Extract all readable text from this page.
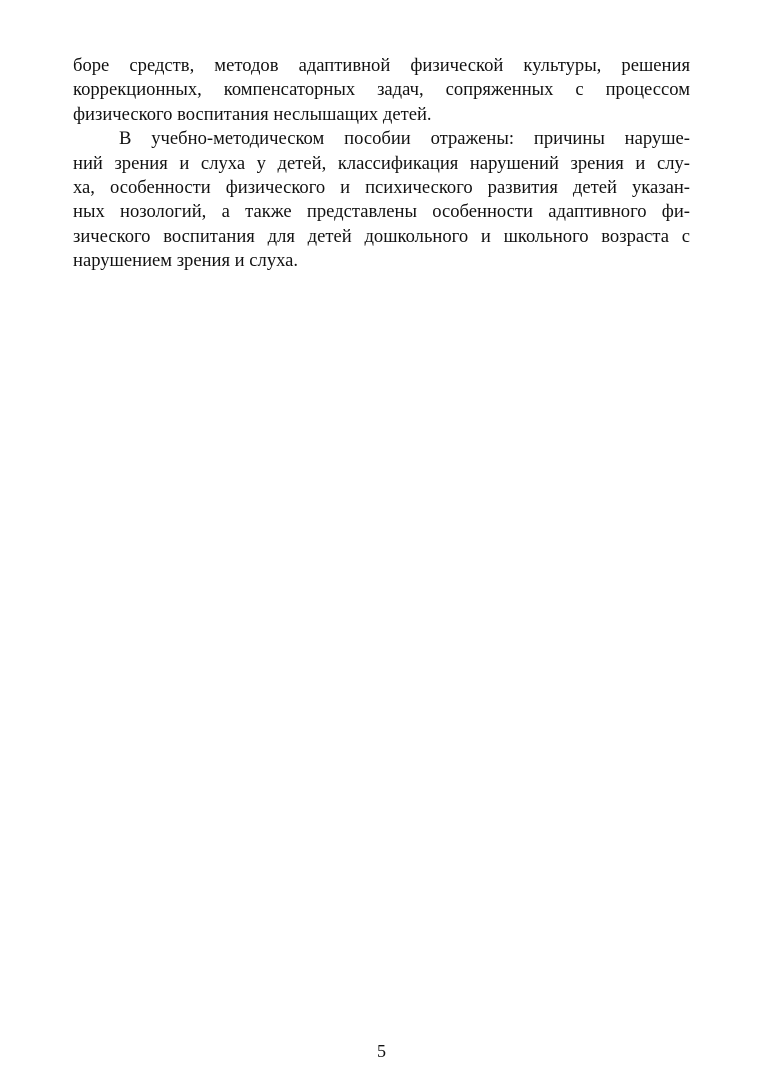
боре средств, методов адаптивной физической культуры, решения
коррекционных, компенсаторных задач, сопряженных с процессом
физического воспитания неслышащих детей.
В учебно-методическом пособии отражены: причины наруше-
ний зрения и слуха у детей, классификация нарушений зрения и слу-
ха, особенности физического и психического развития детей указан-
ных нозологий, а также представлены особенности адаптивного фи-
зического воспитания для детей дошкольного и школьного возраста с
нарушением зрения и слуха.
5
